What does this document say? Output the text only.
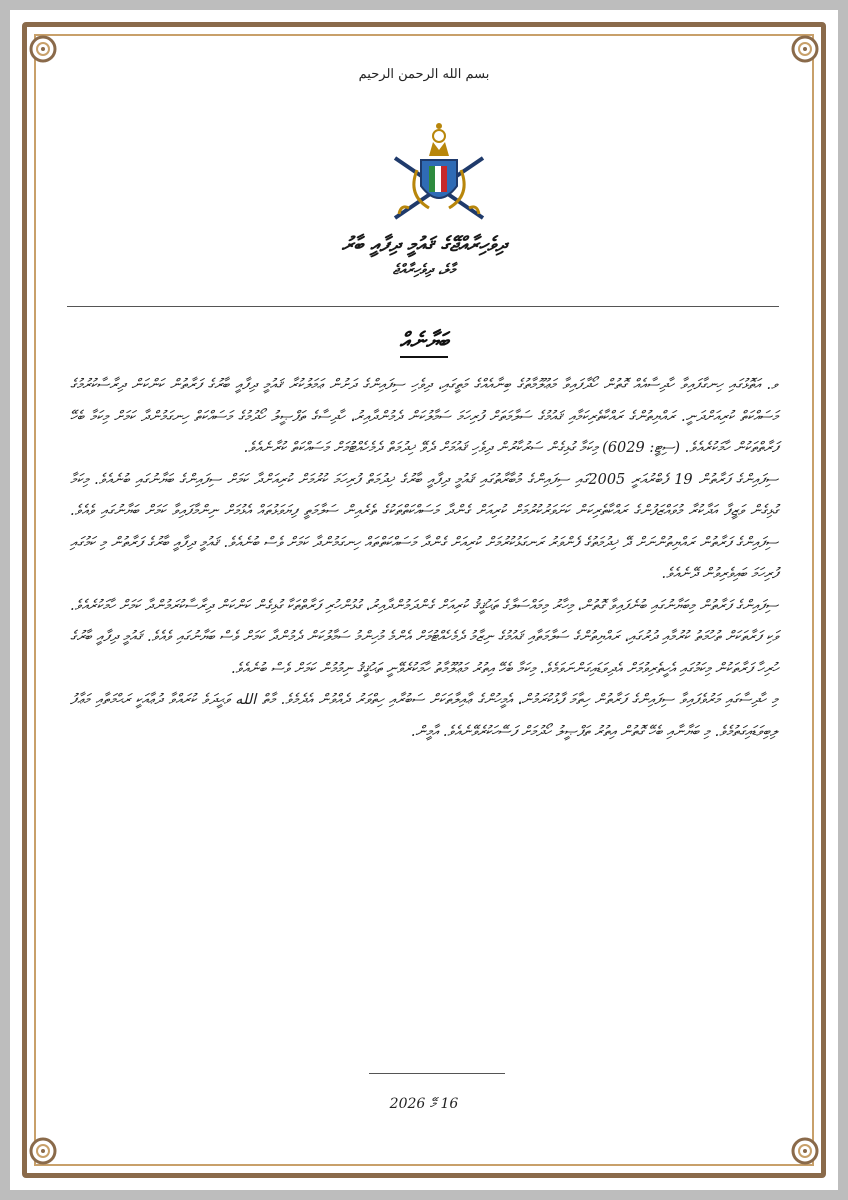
بسم الله الرحمن الرحيم
ދިވެހިރާއްޖޭގެ ޤައުމީ ދިފާއީ ބާރު
މާލެ، ދިވެހިރާއްޖެ
ބަޔާނެއް

ވ. އަތޮޅުގައި ހިނގާފައިވާ ހާދިސާއެއް ގޮތުން ހޯދާފައިވާ މަޢުލޫމާތުގެ ބިނާއެއްގެ މަތީގައި، ދިވެހި ސިފައިންގެ ދަށުން ޢަމަލުކުރާ ޤައުމީ ދިފާއީ ބާރުގެ ފަރާތުން ކަންކަން ދިރާސާކުރުމުގެ މަސައްކަތް ކުރިއަށްދަނީ. ރައްޔިތުންގެ ރައްކާތެރިކަމާއި ޤައުމުގެ ސަލާމަތަށް ފުރިހަމަ ސަމާލުކަން ދެމުންދާއިރު، ހާދިސާގެ ތަފްޞީލު ހޯދުމުގެ މަސައްކަތް ހިނގަމުންދާ ކަމަށް މިކަމާ ބެހޭ ފަރާތްތަކުން ހާމަކުރެއެވެ. (ސިޓީ: 6029) މިކަމާ ގުޅިގެން ސަރުކާރުން ދިވެހި ޤައުމަށް ދެވޭ ޚިދުމަތް ދެމެހެއްޓުމަށް މަސައްކަތް ކުރާނެއެވެ.

ސިފައިންގެ ފަރާތުން 19 ފެބްރުއަރީ 2005ގައި ސިފައިންގެ މުބާރާތުގައި ޤައުމީ ދިފާއީ ބާރުގެ ޚިދުމަތް ފުރިހަމަ ކުރުމަށް ކުރިއަށްދާ ކަމަށް ސިފައިންގެ ބަޔާނުގައި ބުނެއެވެ. މިކަމާ ގުޅިގެން ވަޒީފާ އަދާކުރާ މުވައްޒަފުންގެ ރައްކާތެރިކަން ކަށަވަރުކުރުމަށް ކުރިއަށް ގެންދާ މަސައްކަތްތަކުގެ ތެރެއިން ސަލާމަތީ ފިޔަވަޅުތައް އެޅުމަށް ނިންމާފައިވާ ކަމަށް ބަޔާނުގައި ވެއެވެ. ސިފައިންގެ ފަރާތުން ރައްޔިތުންނަށް ދޭ ޚިދުމަތުގެ ފެންވަރު ރަނގަޅުކުރުމަށް ކުރިއަށް ގެންދާ މަސައްކަތްތައް ހިނގަމުންދާ ކަމަށް ވެސް ބުނެއެވެ. ޤައުމީ ދިފާއީ ބާރުގެ ފަރާތުން މި ކަމުގައި ފުރިހަމަ ބައިވެރިވުން ދޭނެއެވެ.

ސިފައިންގެ ފަރާތުން މިބަޔާނުގައި ބުނެފައިވާ ގޮތުން، މިހާރު މިމައްސަލާގެ ތަޙުޤީޤު ކުރިއަށް ގެންދަމުންދާއިރު، ގުޅުންހުރި ފަރާތްތަކާ ގުޅިގެން ކަންކަން ދިރާސާކުރަމުންދާ ކަމަށް ހާމަކުރެއެވެ. ވަކި ފަރާތަކަށް ތުހުމަތު ކުރުމާއި ދުރުގައި، ރައްޔިތުންގެ ސަލާމަތާއި ޤައުމުގެ ނިޒާމު ދެމެހެއްޓުމަށް އެންމެ މުހިންމު ސަމާލުކަން ދެމުންދާ ކަމަށް ވެސް ބަޔާނުގައި ވެއެވެ. ޤައުމީ ދިފާއީ ބާރުގެ ހުރިހާ ފަރާތަކުން މިކަމުގައި އެހީތެރިވުމަށް އެދިވަޑައިގަންނަވަމެވެ. މިކަމާ ބެހޭ އިތުރު މަޢުލޫމާތު ހާމަކުރެވޭނީ ތަޙުޤީޤު ނިމުމުން ކަމަށް ވެސް ބުނެއެވެ.

މި ހާދިސާގައި މަރުވެފައިވާ ސިފައިންގެ ފަރާތުން ހިތާމަ ފާޅުކުރަމުން، އެމީހުންގެ ޢާއިލާތަކަށް ސަބުރާއި ހިތްވަރު ދެއްވުން އެދެމެވެ. މާތް الله ވަޙީދަވެ ކުރައްވާ ދުޢާއަކީ ރަޙްމަތާއި މަޢާފު ލިބިވަޑައިގަތުމެވެ. މި ބަޔާނާއި ބެހޭ ގޮތުން އިތުރު ތަފްޞީލު ހޯދުމަށް ފަސޭހަކުރެވޭނެއެވެ. އާމީން.

16 މޭ 2026
